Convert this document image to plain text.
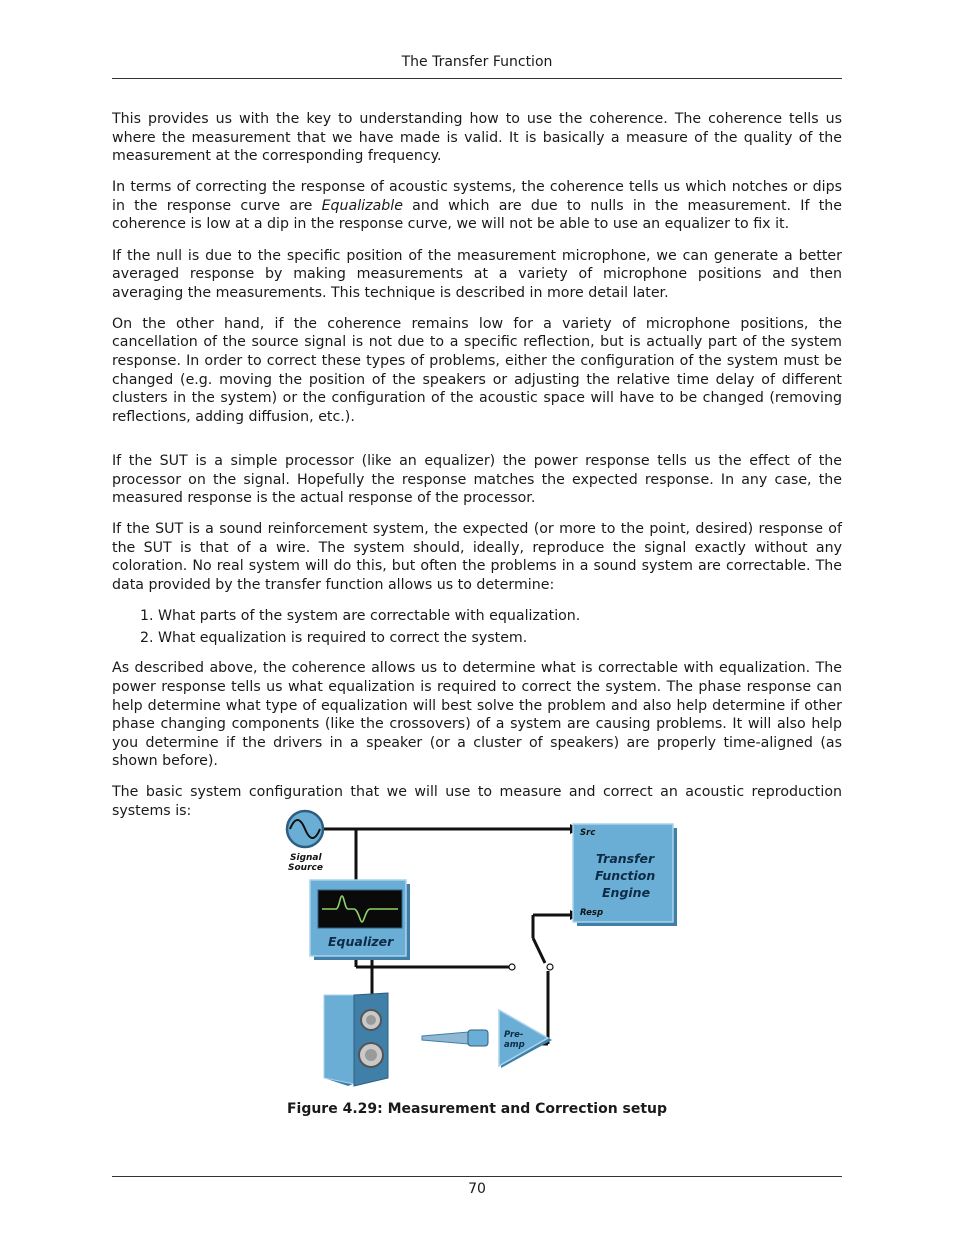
The Transfer Function

This provides us with the key to understanding how to use the coherence. The coherence tells us where the measurement that we have made is valid. It is basically a measure of the quality of the measurement at the corresponding frequency.

In terms of correcting the response of acoustic systems, the coherence tells us which notches or dips in the response curve are Equalizable and which are due to nulls in the measurement. If the coherence is low at a dip in the response curve, we will not be able to use an equalizer to fix it.

If the null is due to the specific position of the measurement microphone, we can generate a better averaged response by making measurements at a variety of microphone positions and then averaging the measurements. This technique is described in more detail later.

On the other hand, if the coherence remains low for a variety of microphone positions, the cancellation of the source signal is not due to a specific reflection, but is actually part of the system response. In order to correct these types of problems, either the configuration of the system must be changed (e.g. moving the position of the speakers or adjusting the relative time delay of different clusters in the system) or the configuration of the acoustic space will have to be changed (removing reflections, adding diffusion, etc.).

If the SUT is a simple processor (like an equalizer) the power response tells us the effect of the processor on the signal. Hopefully the response matches the expected response. In any case, the measured response is the actual response of the processor.

If the SUT is a sound reinforcement system, the expected (or more to the point, desired) response of the SUT is that of a wire. The system should, ideally, reproduce the signal exactly without any coloration. No real system will do this, but often the problems in a sound system are correctable. The data provided by the transfer function allows us to determine:

1. What parts of the system are correctable with equalization.
2. What equalization is required to correct the system.

As described above, the coherence allows us to determine what is correctable with equalization. The power response tells us what equalization is required to correct the system. The phase response can help determine what type of equalization will best solve the problem and also help determine if other phase changing components (like the crossovers) of a system are causing problems. It will also help you determine if the drivers in a speaker (or a cluster of speakers) are properly time-aligned (as shown before).

The basic system configuration that we will use to measure and correct an acoustic reproduction systems is:

Signal
Source
Equalizer
Src
Transfer
Function
Engine
Resp
Pre-
amp
Figure 4.29: Measurement and Correction setup
70
